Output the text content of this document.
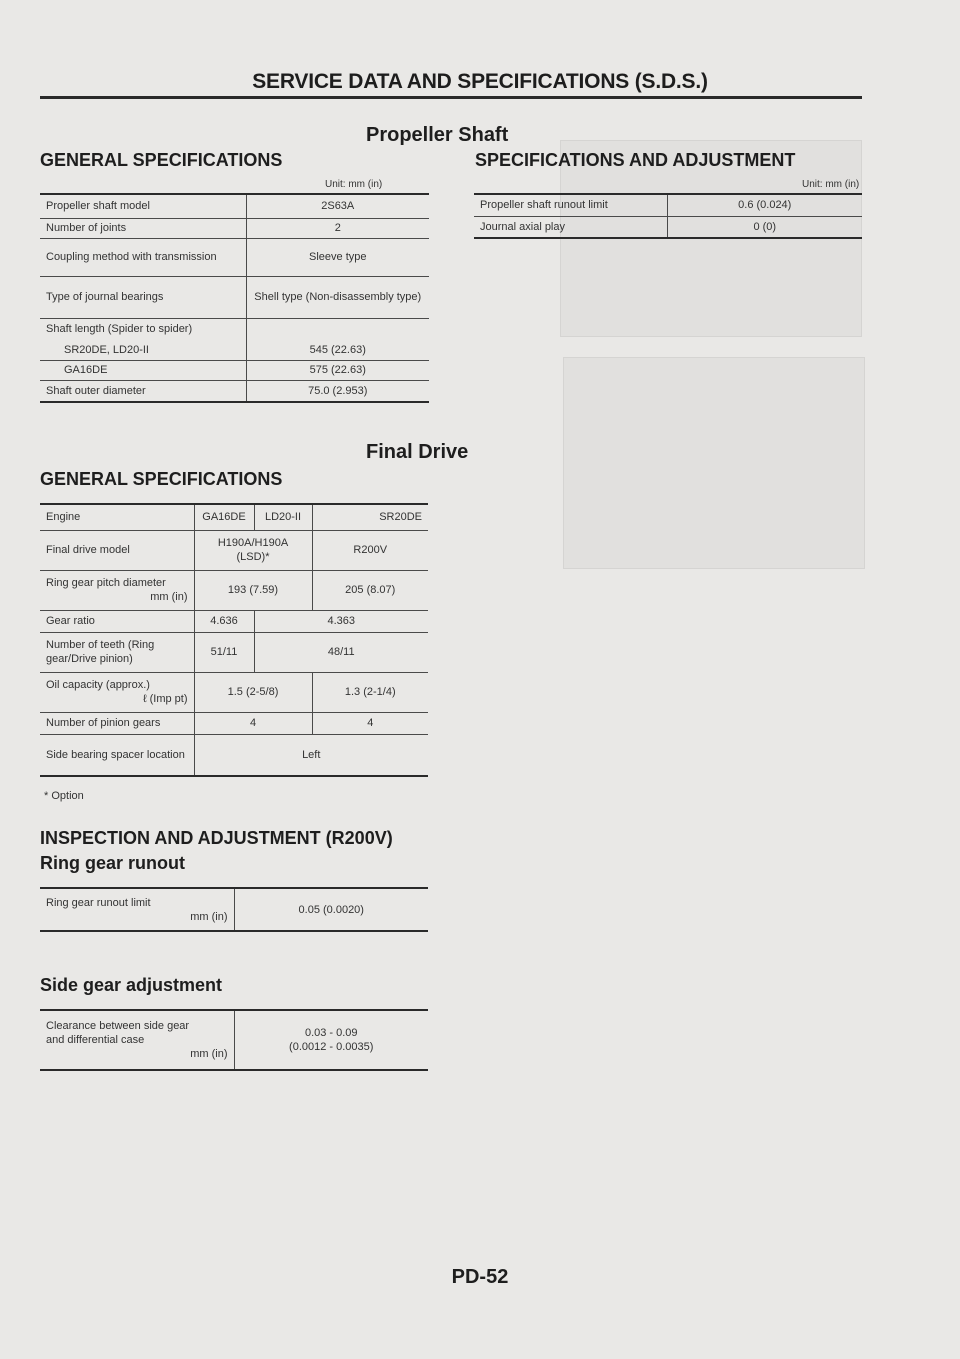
SERVICE DATA AND SPECIFICATIONS (S.D.S.)
Propeller Shaft
GENERAL SPECIFICATIONS
Unit: mm (in)
Propeller shaft model	2S63A
Number of joints	2
Coupling method with transmission	Sleeve type
Type of journal bearings	Shell type (Non-disassembly type)
Shaft length (Spider to spider)	
SR20DE, LD20-II	545 (22.63)
GA16DE	575 (22.63)
Shaft outer diameter	75.0 (2.953)
SPECIFICATIONS AND ADJUSTMENT
Unit: mm (in)
Propeller shaft runout limit	0.6 (0.024)
Journal axial play	0 (0)
Final Drive
GENERAL SPECIFICATIONS
Engine	GA16DE	LD20-II	SR20DE
Final drive model	H190A/H190A (LSD)*		R200V

Ring gear pitch diameter
mm (in)	193 (7.59)		205 (8.07)
Gear ratio	4.636	4.363	
Number of teeth (Ring gear/Drive pinion)	51/11	48/11	

Oil capacity (approx.)
ℓ (Imp pt)	1.5 (2-5/8)		1.3 (2-1/4)
Number of pinion gears	4		4
Side bearing spacer location	Left		
* Option
INSPECTION AND ADJUSTMENT (R200V)
Ring gear runout
Ring gear runout limit
mm (in)
	0.05 (0.0020)
Side gear adjustment
Clearance between side gear and differential case
mm (in)

0.03 - 0.09
(0.0012 - 0.0035)
PD-52
